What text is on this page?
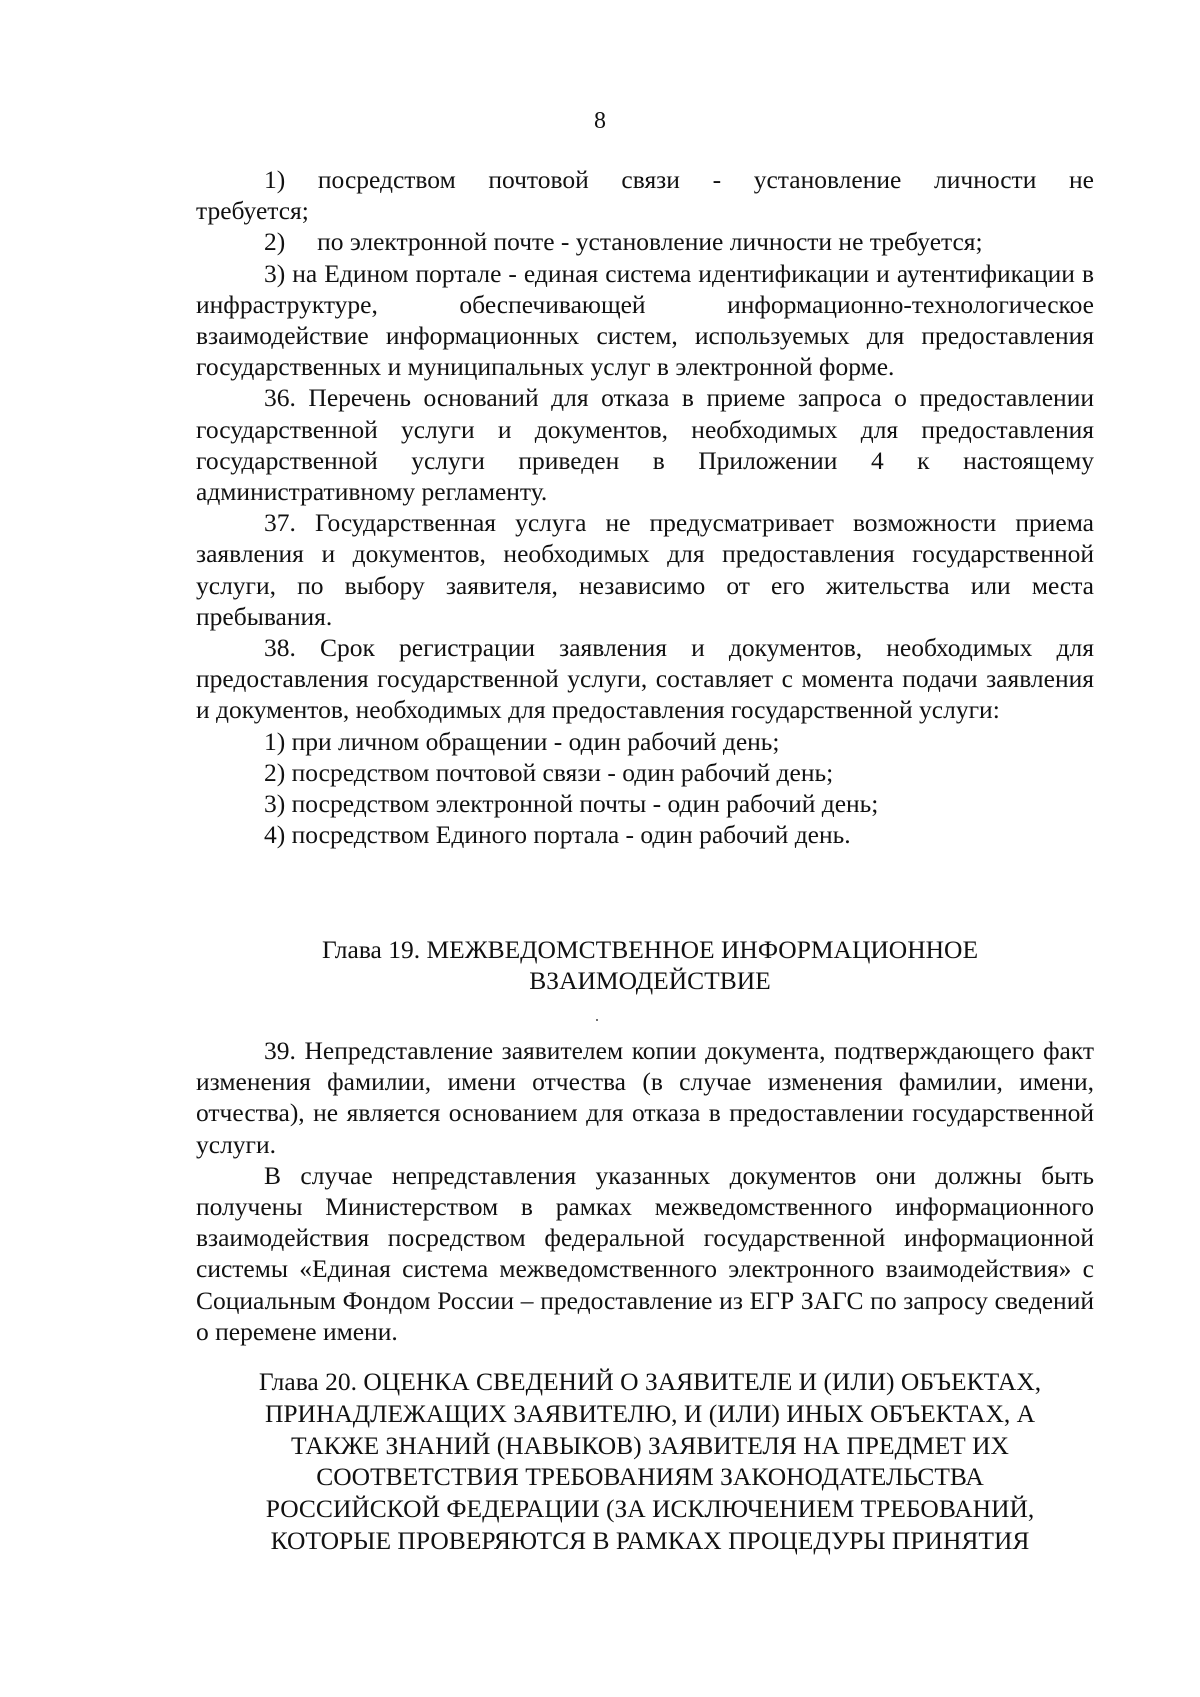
8

1)     посредством     почтовой     связи     -     установление     личности     не

требуется;

2)     по электронной почте - установление личности не требуется;

3) на Едином портале - единая система идентификации и аутентификации в инфраструктуре, обеспечивающей информационно-технологическое взаимодействие информационных систем, используемых для предоставления государственных и муниципальных услуг в электронной форме.

36. Перечень оснований для отказа в приеме запроса о предоставлении государственной услуги и документов, необходимых для предоставления государственной услуги приведен в Приложении 4 к настоящему административному регламенту.

37. Государственная услуга не предусматривает возможности приема заявления и документов, необходимых для предоставления государственной услуги, по выбору заявителя, независимо от его жительства или места пребывания.

38. Срок регистрации заявления и документов, необходимых для предоставления государственной услуги, составляет с момента подачи заявления и документов, необходимых для предоставления государственной услуги:

1) при личном обращении - один рабочий день;

2) посредством почтовой связи - один рабочий день;

3) посредством электронной почты - один рабочий день;

4) посредством Единого портала - один рабочий день.

Глава 19. МЕЖВЕДОМСТВЕННОЕ ИНФОРМАЦИОННОЕ
ВЗАИМОДЕЙСТВИЕ

39. Непредставление заявителем копии документа, подтверждающего факт изменения фамилии, имени отчества (в случае изменения фамилии, имени, отчества), не является основанием для отказа в предоставлении государственной услуги.

В случае непредставления указанных документов они должны быть получены Министерством в рамках межведомственного информационного взаимодействия посредством федеральной государственной информационной системы «Единая система межведомственного электронного взаимодействия» с Социальным Фондом России – предоставление из ЕГР ЗАГС по запросу сведений о перемене имени.

Глава 20. ОЦЕНКА СВЕДЕНИЙ О ЗАЯВИТЕЛЕ И (ИЛИ) ОБЪЕКТАХ,
ПРИНАДЛЕЖАЩИХ ЗАЯВИТЕЛЮ, И (ИЛИ) ИНЫХ ОБЪЕКТАХ, А
ТАКЖЕ ЗНАНИЙ (НАВЫКОВ) ЗАЯВИТЕЛЯ НА ПРЕДМЕТ ИХ
СООТВЕТСТВИЯ ТРЕБОВАНИЯМ ЗАКОНОДАТЕЛЬСТВА
РОССИЙСКОЙ ФЕДЕРАЦИИ (ЗА ИСКЛЮЧЕНИЕМ ТРЕБОВАНИЙ,
КОТОРЫЕ ПРОВЕРЯЮТСЯ В РАМКАХ ПРОЦЕДУРЫ ПРИНЯТИЯ
